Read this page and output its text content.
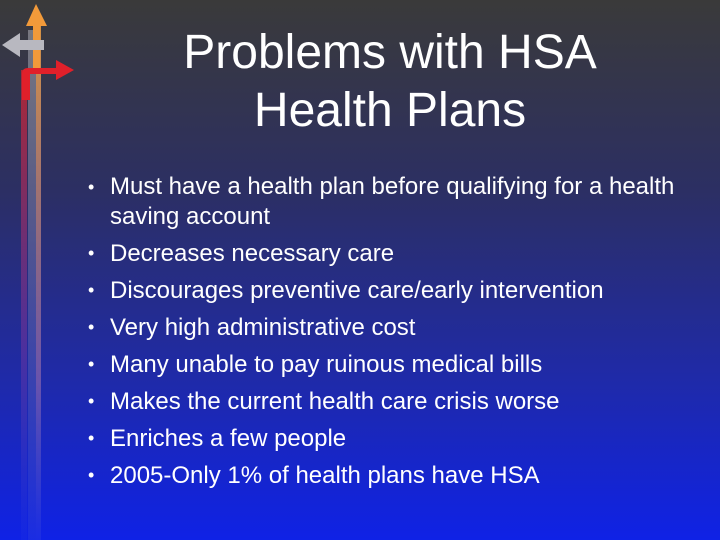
Problems with HSA
Health Plans
• Must have a health plan before qualifying for a health saving account
• Decreases necessary care
• Discourages preventive care/early intervention
• Very high administrative cost
• Many unable to pay ruinous medical bills
• Makes the current health care crisis worse
• Enriches a few people
• 2005-Only 1% of health plans have HSA
